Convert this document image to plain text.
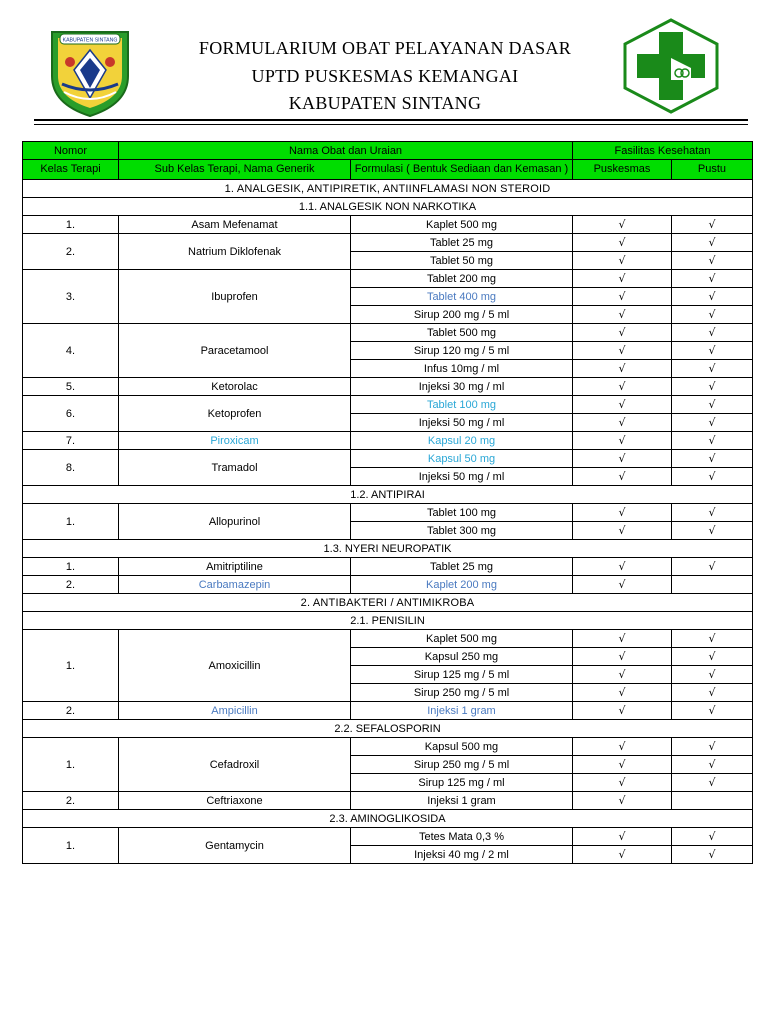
KABUPATEN SINTANG	FORMULARIUM OBAT PELAYANAN DASAR
UPTD PUSKESMAS KEMANGAI
KABUPATEN SINTANG
Nomor	Nama Obat dan Uraian		Fasilitas Kesehatan	
Kelas Terapi	Sub Kelas Terapi, Nama Generik	Formulasi ( Bentuk Sediaan dan Kemasan )	Puskesmas	Pustu
1. ANALGESIK, ANTIPIRETIK, ANTIINFLAMASI NON STEROID				
1.1. ANALGESIK NON NARKOTIKA				
1.	Asam Mefenamat	Kaplet 500 mg	√	√
2.	Natrium Diklofenak	Tablet 25 mg	√	√
		Tablet 50 mg	√	√
3.	Ibuprofen	Tablet 200 mg	√	√
		Tablet 400 mg	√	√
		Sirup 200 mg / 5 ml	√	√
4.	Paracetamool	Tablet 500 mg	√	√
		Sirup 120 mg / 5 ml	√	√
		Infus 10mg / ml	√	√
5.	Ketorolac	Injeksi 30 mg / ml	√	√
6.	Ketoprofen	Tablet 100 mg	√	√
		Injeksi 50 mg / ml	√	√
7.	Piroxicam	Kapsul 20 mg	√	√
8.	Tramadol	Kapsul 50 mg	√	√
		Injeksi 50 mg / ml	√	√
1.2. ANTIPIRAI				
1.	Allopurinol	Tablet 100 mg	√	√
		Tablet 300 mg	√	√
1.3. NYERI NEUROPATIK				
1.	Amitriptiline	Tablet 25 mg	√	√
2.	Carbamazepin	Kaplet 200 mg	√	
2. ANTIBAKTERI / ANTIMIKROBA				
2.1. PENISILIN				
1.	Amoxicillin	Kaplet 500 mg	√	√
		Kapsul 250 mg	√	√
		Sirup 125 mg / 5 ml	√	√
		Sirup 250 mg / 5 ml	√	√
2.	Ampicillin	Injeksi 1 gram	√	√
2.2. SEFALOSPORIN				
1.	Cefadroxil	Kapsul 500 mg	√	√
		Sirup 250 mg / 5 ml	√	√
		Sirup 125 mg / ml	√	√
2.	Ceftriaxone	Injeksi 1 gram	√	
2.3. AMINOGLIKOSIDA				
1.	Gentamycin	Tetes Mata 0,3 %	√	√
		Injeksi 40 mg / 2 ml	√	√
